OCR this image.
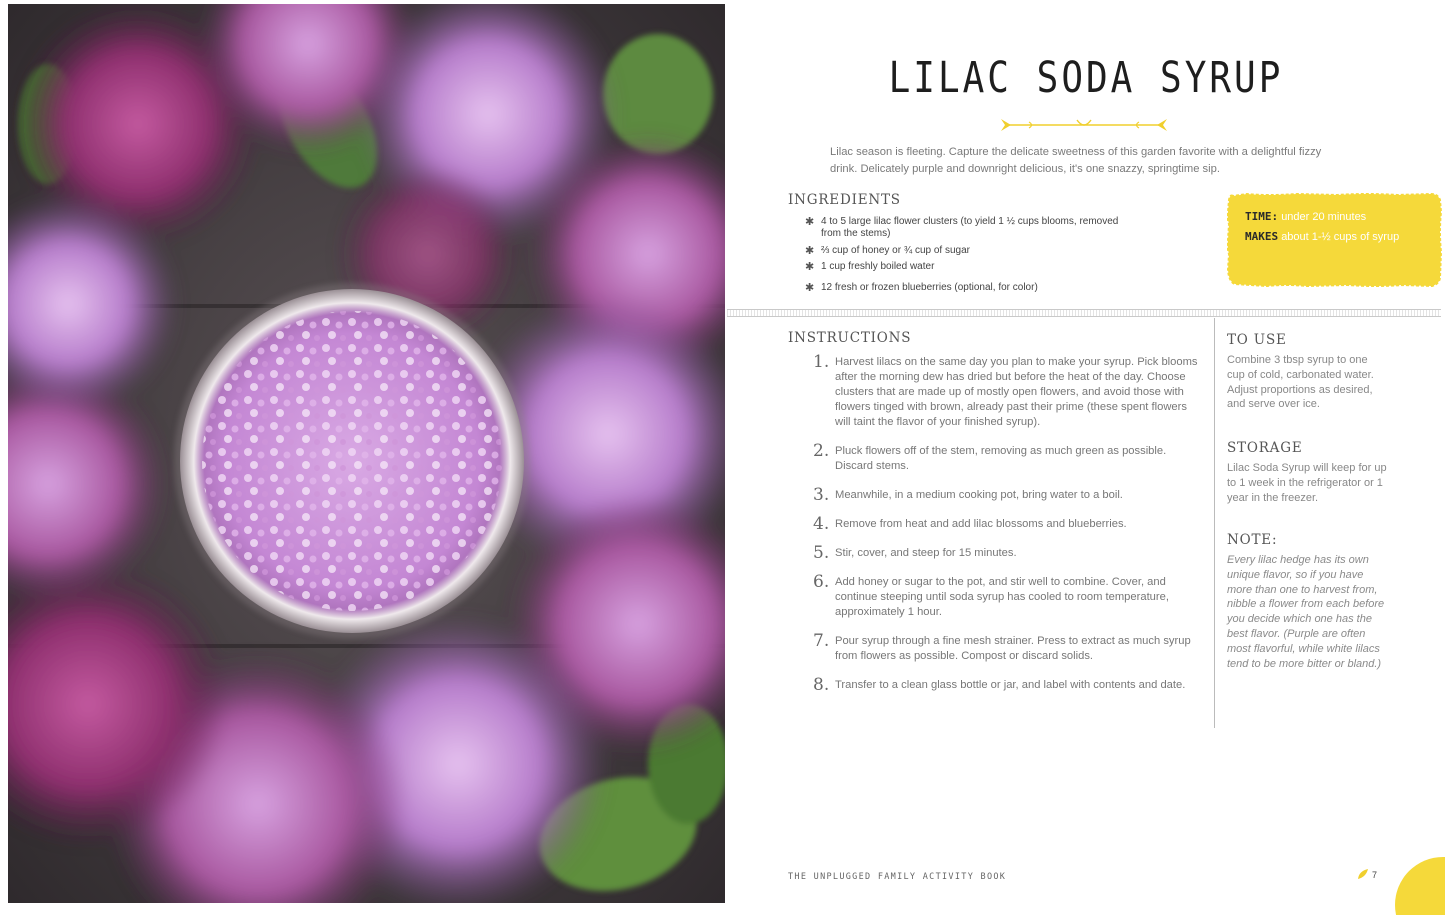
LILAC SODA SYRUP

Lilac season is fleeting. Capture the delicate sweetness of this garden favorite with a delightful fizzy drink. Delicately purple and downright delicious, it's one snazzy, springtime sip.

INGREDIENTS
✱ 4 to 5 large lilac flower clusters (to yield 1 ½ cups blooms, removed from the stems)
✱ ⅔ cup of honey or ¾ cup of sugar
✱ 1 cup freshly boiled water
✱ 12 fresh or frozen blueberries (optional, for color)
TIME: under 20 minutes
MAKES about 1-½ cups of syrup
INSTRUCTIONS
1. Harvest lilacs on the same day you plan to make your syrup. Pick blooms after the morning dew has dried but before the heat of the day. Choose clusters that are made up of mostly open flowers, and avoid those with flowers tinged with brown, already past their prime (these spent flowers will taint the flavor of your finished syrup).
2. Pluck flowers off of the stem, removing as much green as possible. Discard stems.
3. Meanwhile, in a medium cooking pot, bring water to a boil.
4. Remove from heat and add lilac blossoms and blueberries.
5. Stir, cover, and steep for 15 minutes.
6. Add honey or sugar to the pot, and stir well to combine. Cover, and continue steeping until soda syrup has cooled to room temperature, approximately 1 hour.
7. Pour syrup through a fine mesh strainer. Press to extract as much syrup from flowers as possible. Compost or discard solids.
8. Transfer to a clean glass bottle or jar, and label with contents and date.
TO USE
Combine 3 tbsp syrup to one cup of cold, carbonated water. Adjust proportions as desired, and serve over ice.
STORAGE
Lilac Soda Syrup will keep for up to 1 week in the refrigerator or 1 year in the freezer.
NOTE:
Every lilac hedge has its own unique flavor, so if you have more than one to harvest from, nibble a flower from each before you decide which one has the best flavor. (Purple are often most flavorful, while white lilacs tend to be more bitter or bland.)
THE UNPLUGGED FAMILY ACTIVITY BOOK	7
